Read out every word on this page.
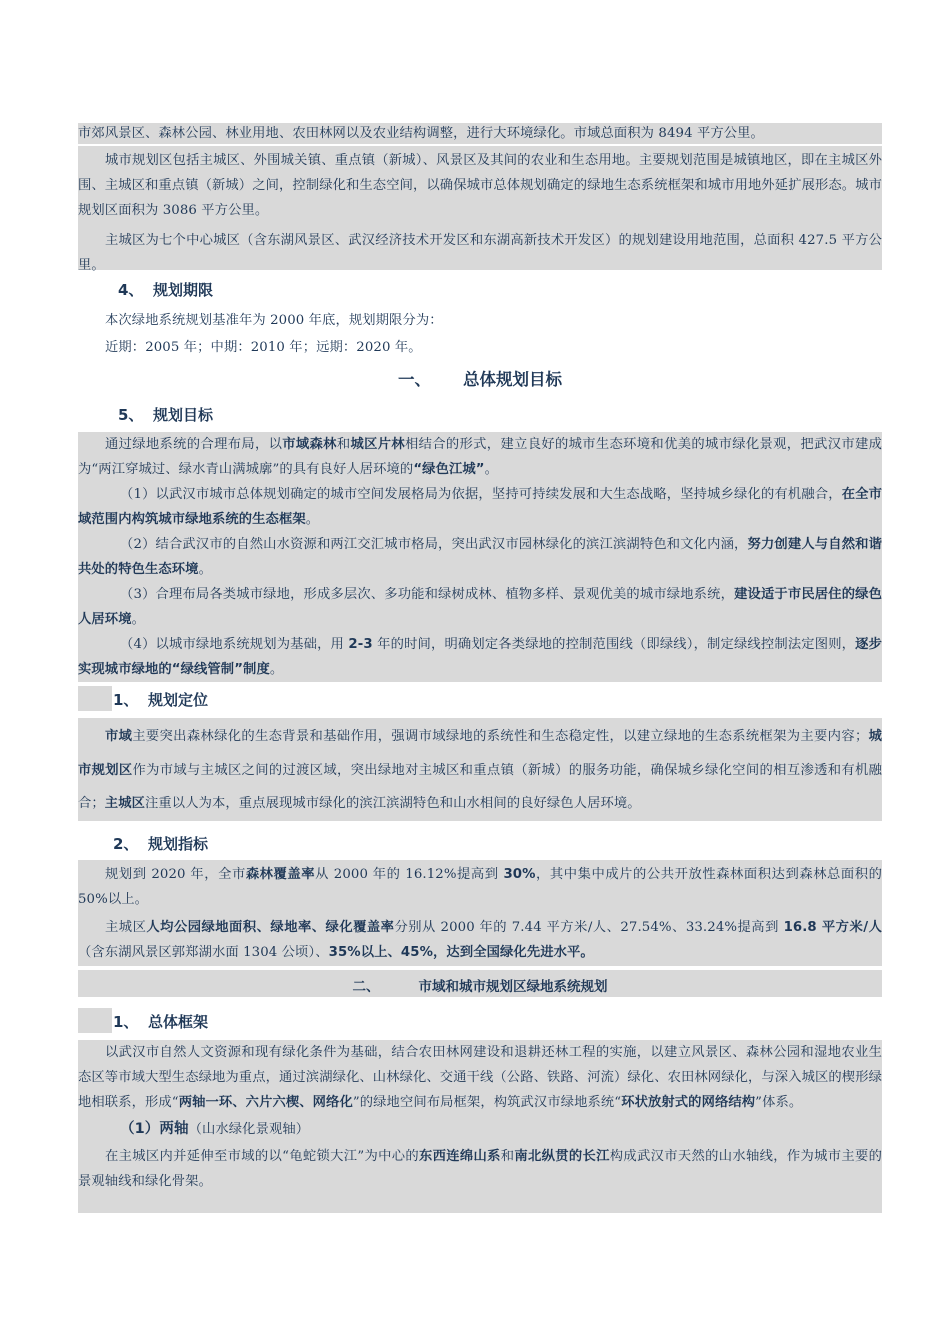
市郊风景区、森林公园、林业用地、农田林网以及农业结构调整，进行大环境绿化。市域总面积为 8494 平方公里。

城市规划区包括主城区、外围城关镇、重点镇（新城）、风景区及其间的农业和生态用地。主要规划范围是城镇地区，即在主城区外围、主城区和重点镇（新城）之间，控制绿化和生态空间，以确保城市总体规划确定的绿地生态系统框架和城市用地外延扩展形态。城市规划区面积为 3086 平方公里。

主城区为七个中心城区（含东湖风景区、武汉经济技术开发区和东湖高新技术开发区）的规划建设用地范围，总面积 427.5 平方公里。

4、 规划期限

本次绿地系统规划基准年为 2000 年底，规划期限分为：

近期：2005 年；中期：2010 年；远期：2020 年。

一、 总体规划目标
5、 规划目标

通过绿地系统的合理布局，以市域森林和城区片林相结合的形式，建立良好的城市生态环境和优美的城市绿化景观，把武汉市建成为“两江穿城过、绿水青山满城廓”的具有良好人居环境的“绿色江城”。

（1）以武汉市城市总体规划确定的城市空间发展格局为依据，坚持可持续发展和大生态战略，坚持城乡绿化的有机融合，在全市域范围内构筑城市绿地系统的生态框架。

（2）结合武汉市的自然山水资源和两江交汇城市格局，突出武汉市园林绿化的滨江滨湖特色和文化内涵，努力创建人与自然和谐共处的特色生态环境。

（3）合理布局各类城市绿地，形成多层次、多功能和绿树成林、植物多样、景观优美的城市绿地系统，建设适于市民居住的绿色人居环境。

（4）以城市绿地系统规划为基础，用 2-3 年的时间，明确划定各类绿地的控制范围线（即绿线），制定绿线控制法定图则，逐步实现城市绿地的“绿线管制”制度。

1、 规划定位

市域主要突出森林绿化的生态背景和基础作用，强调市域绿地的系统性和生态稳定性，以建立绿地的生态系统框架为主要内容；城市规划区作为市域与主城区之间的过渡区域，突出绿地对主城区和重点镇（新城）的服务功能，确保城乡绿化空间的相互渗透和有机融合；主城区注重以人为本，重点展现城市绿化的滨江滨湖特色和山水相间的良好绿色人居环境。

2、 规划指标

规划到 2020 年，全市森林覆盖率从 2000 年的 16.12%提高到 30%，其中集中成片的公共开放性森林面积达到森林总面积的 50%以上。

主城区人均公园绿地面积、绿地率、绿化覆盖率分别从 2000 年的 7.44 平方米/人、27.54%、33.24%提高到 16.8 平方米/人（含东湖风景区郭郑湖水面 1304 公顷）、35%以上、45%，达到全国绿化先进水平。

二、	市域和城市规划区绿地系统规划
1、 总体框架

以武汉市自然人文资源和现有绿化条件为基础，结合农田林网建设和退耕还林工程的实施，以建立风景区、森林公园和湿地农业生态区等市域大型生态绿地为重点，通过滨湖绿化、山林绿化、交通干线（公路、铁路、河流）绿化、农田林网绿化，与深入城区的楔形绿地相联系，形成“两轴一环、六片六楔、网络化”的绿地空间布局框架，构筑武汉市绿地系统“环状放射式的网络结构”体系。

（1）两轴（山水绿化景观轴）

在主城区内并延伸至市域的以“龟蛇锁大江”为中心的东西连绵山系和南北纵贯的长江构成武汉市天然的山水轴线，作为城市主要的景观轴线和绿化骨架。
